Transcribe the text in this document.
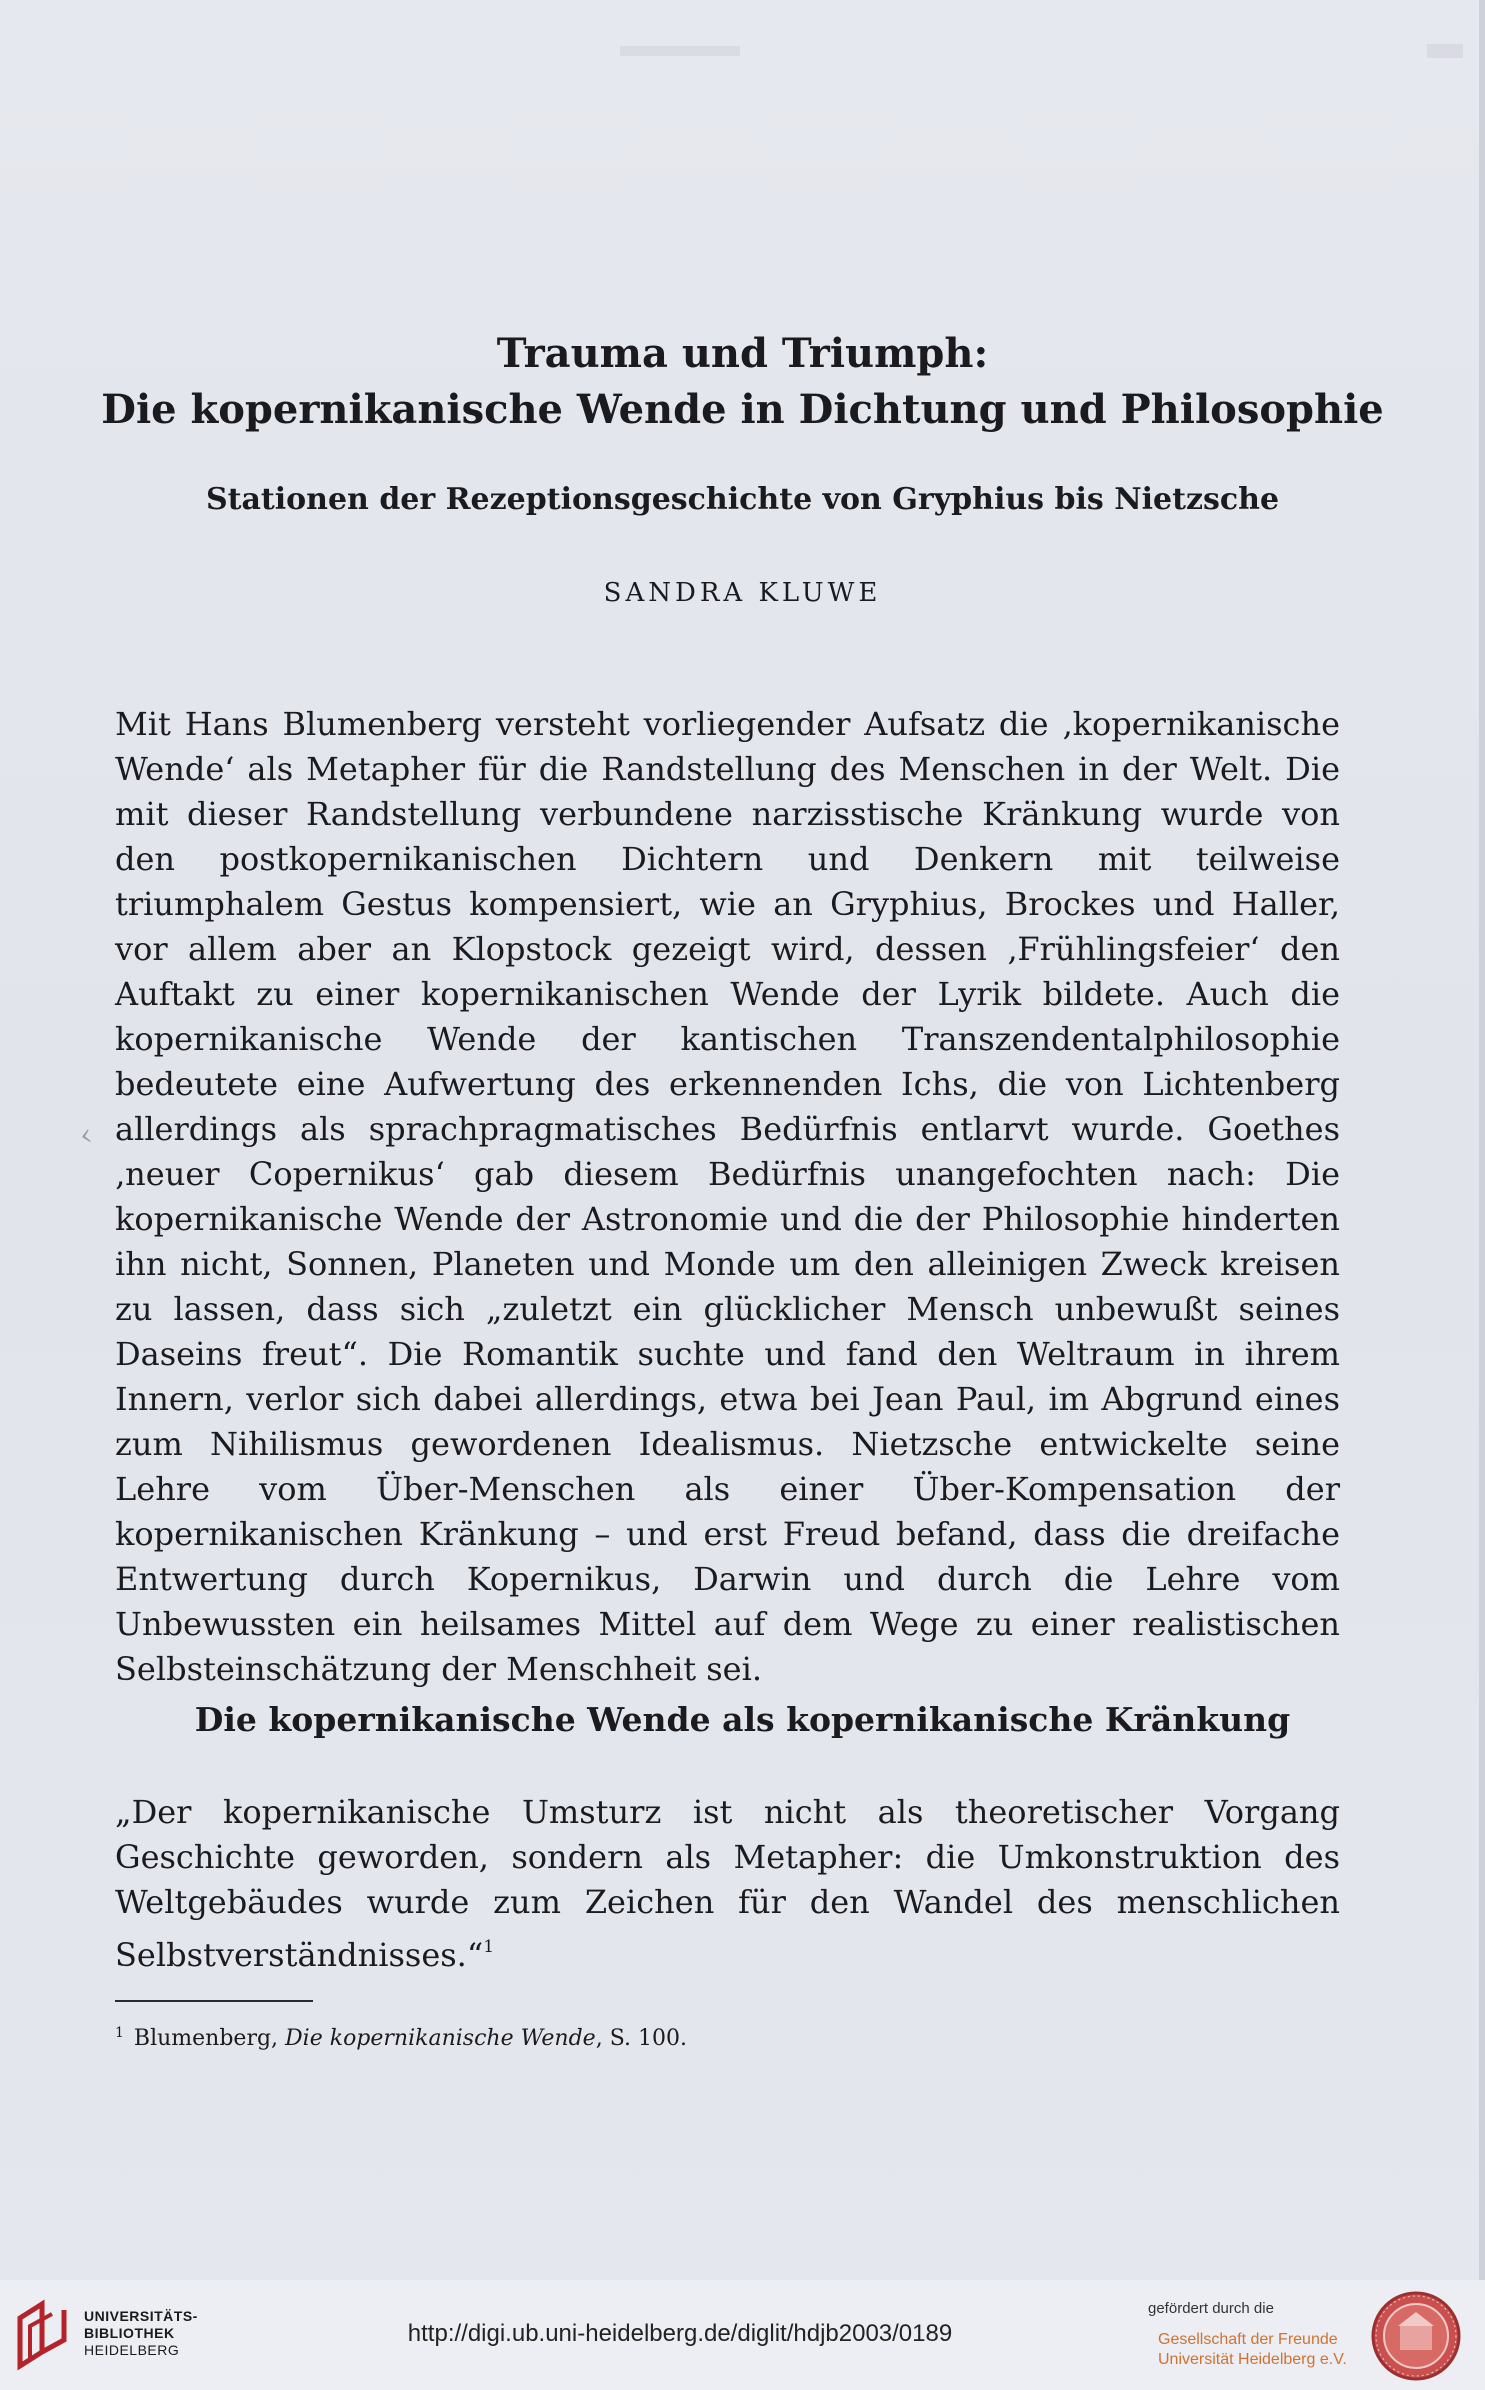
Trauma und Triumph:
Die kopernikanische Wende in Dichtung und Philosophie
Stationen der Rezeptionsgeschichte von Gryphius bis Nietzsche

SANDRA KLUWE

Mit Hans Blumenberg versteht vorliegender Aufsatz die ‚kopernikanische Wende‘ als Metapher für die Randstellung des Menschen in der Welt. Die mit dieser Randstellung verbundene narzisstische Kränkung wurde von den postkopernikanischen Dichtern und Denkern mit teilweise triumphalem Gestus kompensiert, wie an Gryphius, Brockes und Haller, vor allem aber an Klopstock gezeigt wird, dessen ‚Frühlingsfeier‘ den Auftakt zu einer kopernikanischen Wende der Lyrik bildete. Auch die kopernikanische Wende der kantischen Transzendentalphilosophie bedeutete eine Aufwertung des erkennenden Ichs, die von Lichtenberg allerdings als sprachpragmatisches Bedürfnis entlarvt wurde. Goethes ‚neuer Copernikus‘ gab diesem Bedürfnis unangefochten nach: Die kopernikanische Wende der Astronomie und die der Philosophie hinderten ihn nicht, Sonnen, Planeten und Monde um den alleinigen Zweck kreisen zu lassen, dass sich „zuletzt ein glücklicher Mensch unbewußt seines Daseins freut“. Die Romantik suchte und fand den Weltraum in ihrem Innern, verlor sich dabei allerdings, etwa bei Jean Paul, im Abgrund eines zum Nihilismus gewordenen Idealismus. Nietzsche entwickelte seine Lehre vom Über-Menschen als einer Über-Kompensation der kopernikanischen Kränkung – und erst Freud befand, dass die dreifache Entwertung durch Kopernikus, Darwin und durch die Lehre vom Unbewussten ein heilsames Mittel auf dem Wege zu einer realistischen Selbsteinschätzung der Menschheit sei.

‹
Die kopernikanische Wende als kopernikanische Kränkung

„Der kopernikanische Umsturz ist nicht als theoretischer Vorgang Geschichte geworden, sondern als Metapher: die Umkonstruktion des Weltgebäudes wurde zum Zeichen für den Wandel des menschlichen Selbstverständnisses.“$^1$

$^1$ Blumenberg, Die kopernikanische Wende, S. 100.

UNIVERSITÄTS-
BIBLIOTHEK
HEIDELBERG
http://digi.ub.uni-heidelberg.de/diglit/hdjb2003/0189
gefördert durch die
Gesellschaft der Freunde
Universität Heidelberg e.V.
